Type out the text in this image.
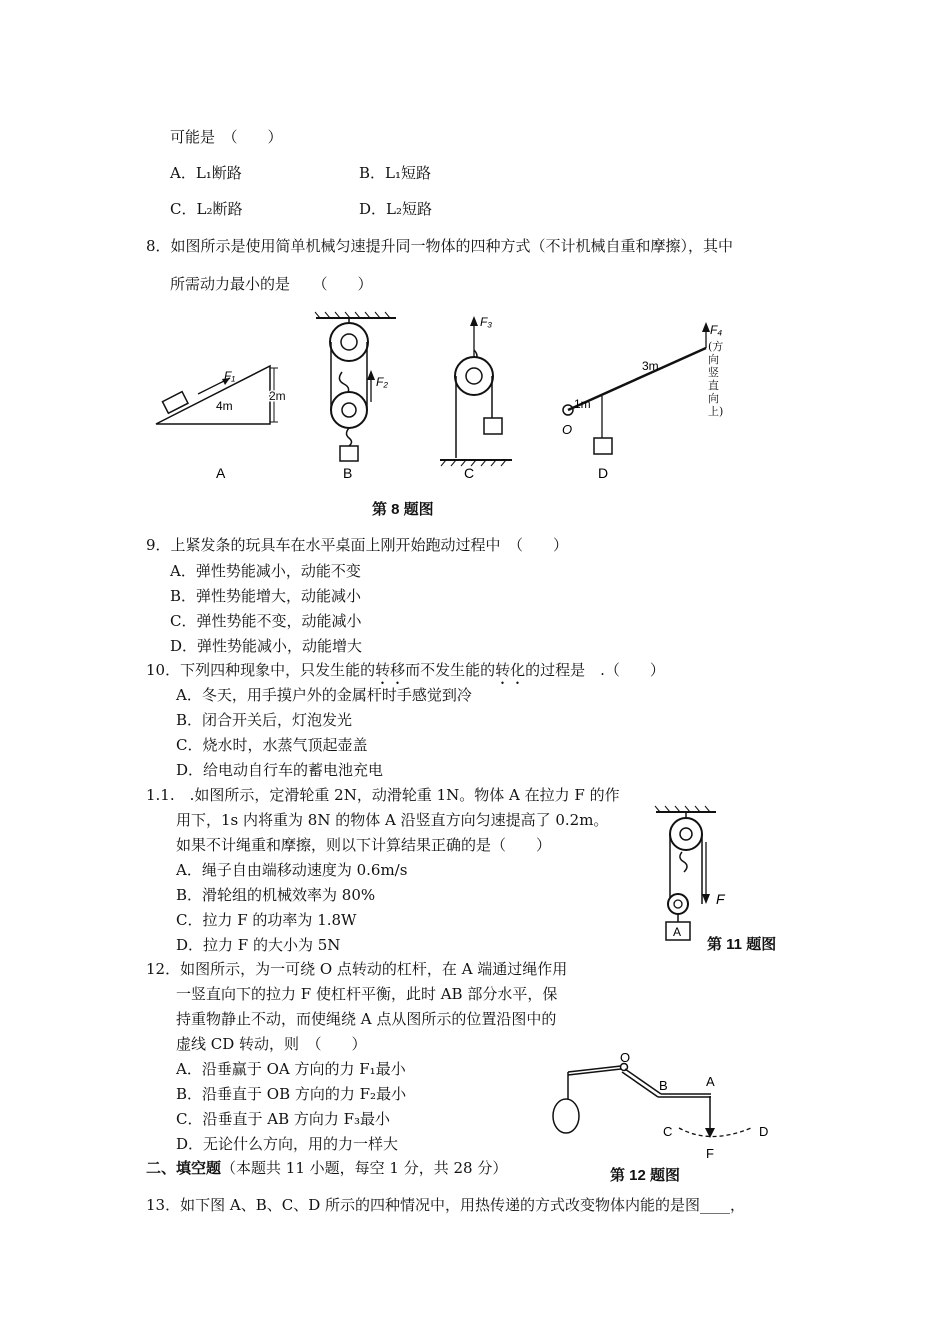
可能是　（　　）
A．L₁断路	B．L₁短路
C．L₂断路	D．L₂短路
8．如图所示是使用简单机械匀速提升同一物体的四种方式（不计机械自重和摩擦），其中
所需动力最小的是　　（　　）
F₁
4m
2m
A
F₂
B
F₃
C
F₄
3m
1m
O
D
(方向竖直向上)
第 8 题图
9．上紧发条的玩具车在水平桌面上刚开始跑动过程中　（　　）
A．弹性势能减小，动能不变
B．弹性势能增大，动能减小
C．弹性势能不变，动能减小
D．弹性势能减小，动能增大
10．下列四种现象中，只发生能的转移而不发生能的转化的过程是　.（　　）
A．冬天，用手摸户外的金属杆时手感觉到冷
B．闭合开关后，灯泡发光
C．烧水时，水蒸气顶起壶盖
D．给电动自行车的蓄电池充电
1.1.　.如图所示，定滑轮重 2N，动滑轮重 1N。物体 A 在拉力 F 的作
用下，1s 内将重为 8N 的物体 A 沿竖直方向匀速提高了 0.2m。
如果不计绳重和摩擦，则以下计算结果正确的是（　　）
A．绳子自由端移动速度为 0.6m/s
B．滑轮组的机械效率为 80%
C．拉力 F 的功率为 1.8W
D．拉力 F 的大小为 5N
A
F
第 11 题图
12．如图所示，为一可绕 O 点转动的杠杆，在 A 端通过绳作用
一竖直向下的拉力 F 使杠杆平衡，此时 AB 部分水平，保
持重物静止不动，而使绳绕 A 点从图所示的位置沿图中的
虚线 CD 转动，则　（　　）
A．沿垂赢于 OA 方向的力 F₁最小
B．沿垂直于 OB 方向的力 F₂最小
C．沿垂直于 AB 方向力 F₃最小
D．无论什么方向，用的力一样大
O
B	A
F
C	D
第 12 题图
二、填空题（本题共 11 小题，每空 1 分，共 28 分）
13．如下图 A、B、C、D 所示的四种情况中，用热传递的方式改变物体内能的是图____，
